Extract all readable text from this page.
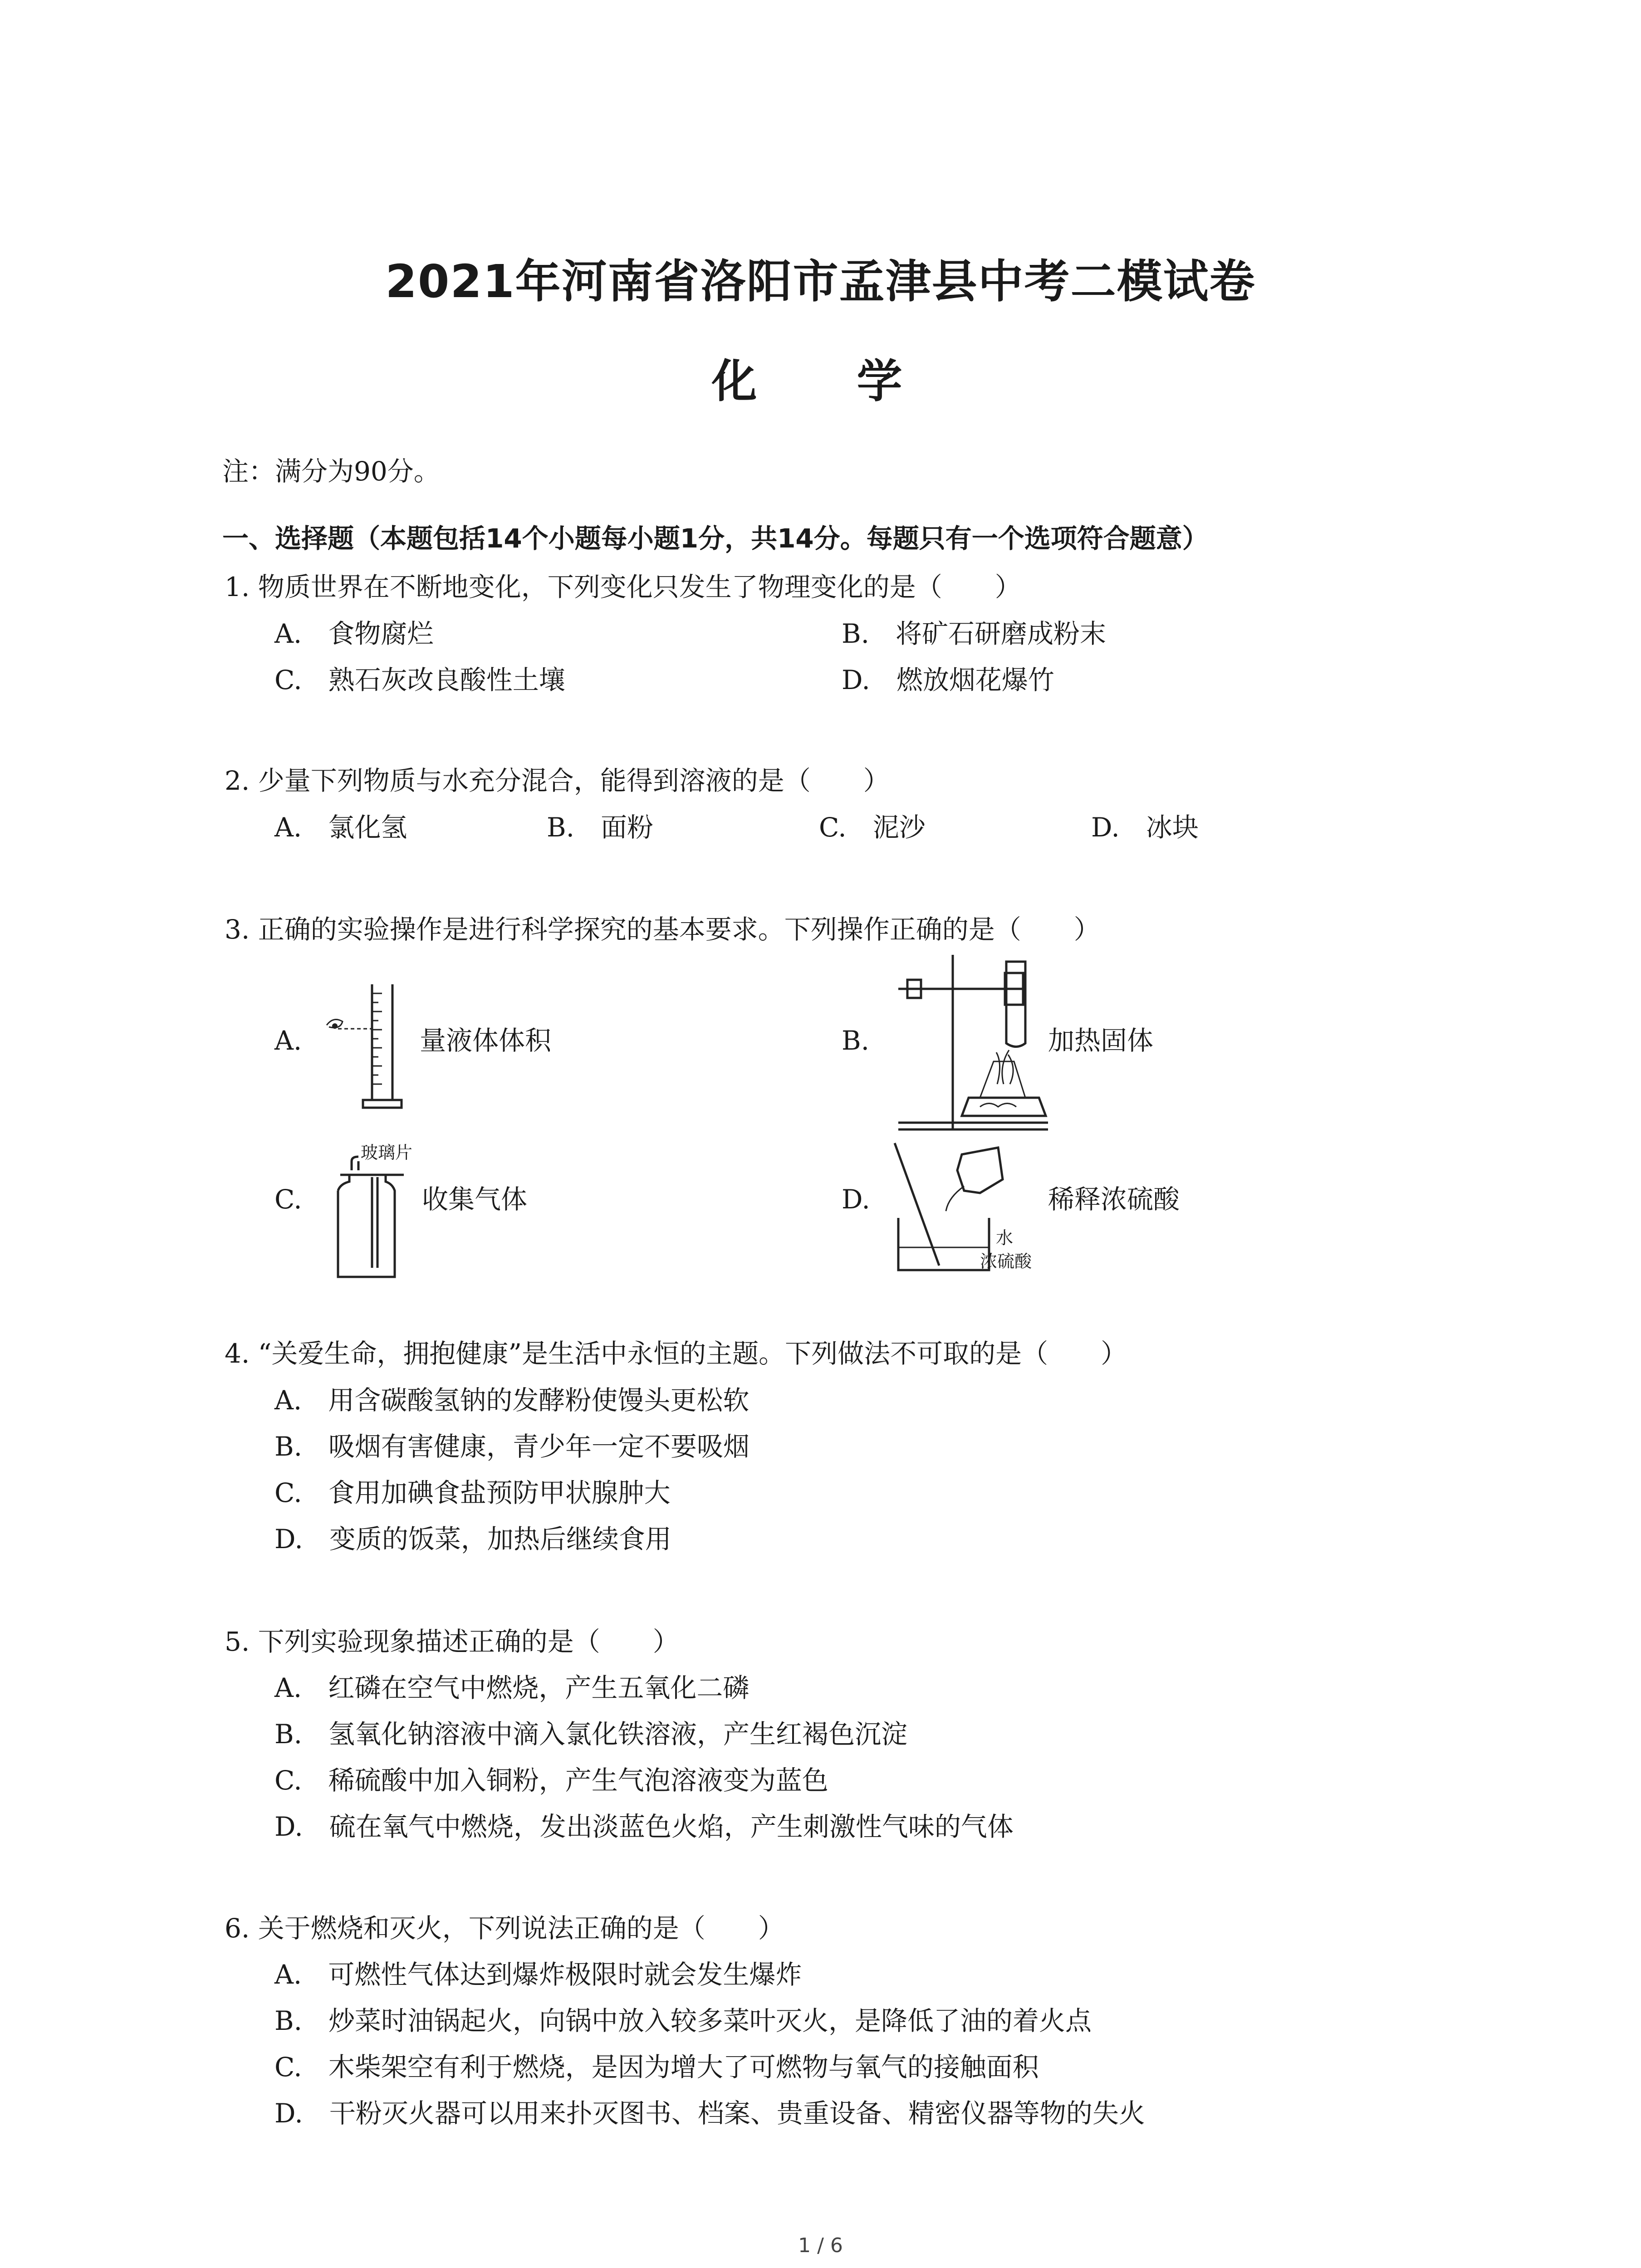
2021年河南省洛阳市孟津县中考二模试卷
化　学
注：满分为90分。
一、选择题（本题包括14个小题每小题1分，共14分。每题只有一个选项符合题意）
1. 物质世界在不断地变化，下列变化只发生了物理变化的是（　　）
A.　食物腐烂	B.　将矿石研磨成粉末
C.　熟石灰改良酸性土壤	D.　燃放烟花爆竹
2. 少量下列物质与水充分混合，能得到溶液的是（　　）
A.　氯化氢	B.　面粉	C.　泥沙	D.　冰块
3. 正确的实验操作是进行科学探究的基本要求。下列操作正确的是（　　）
A.	量液体体积	B.	加热固体
C.
玻璃片
收集气体	D.
水
浓硫酸
稀释浓硫酸
4. “关爱生命，拥抱健康”是生活中永恒的主题。下列做法不可取的是（　　）
A.　用含碳酸氢钠的发酵粉使馒头更松软
B.　吸烟有害健康，青少年一定不要吸烟
C.　食用加碘食盐预防甲状腺肿大
D.　变质的饭菜，加热后继续食用
5. 下列实验现象描述正确的是（　　）
A.　红磷在空气中燃烧，产生五氧化二磷
B.　氢氧化钠溶液中滴入氯化铁溶液，产生红褐色沉淀
C.　稀硫酸中加入铜粉，产生气泡溶液变为蓝色
D.　硫在氧气中燃烧，发出淡蓝色火焰，产生刺激性气味的气体
6. 关于燃烧和灭火，下列说法正确的是（　　）
A.　可燃性气体达到爆炸极限时就会发生爆炸
B.　炒菜时油锅起火，向锅中放入较多菜叶灭火，是降低了油的着火点
C.　木柴架空有利于燃烧，是因为增大了可燃物与氧气的接触面积
D.　干粉灭火器可以用来扑灭图书、档案、贵重设备、精密仪器等物的失火
1 / 6
